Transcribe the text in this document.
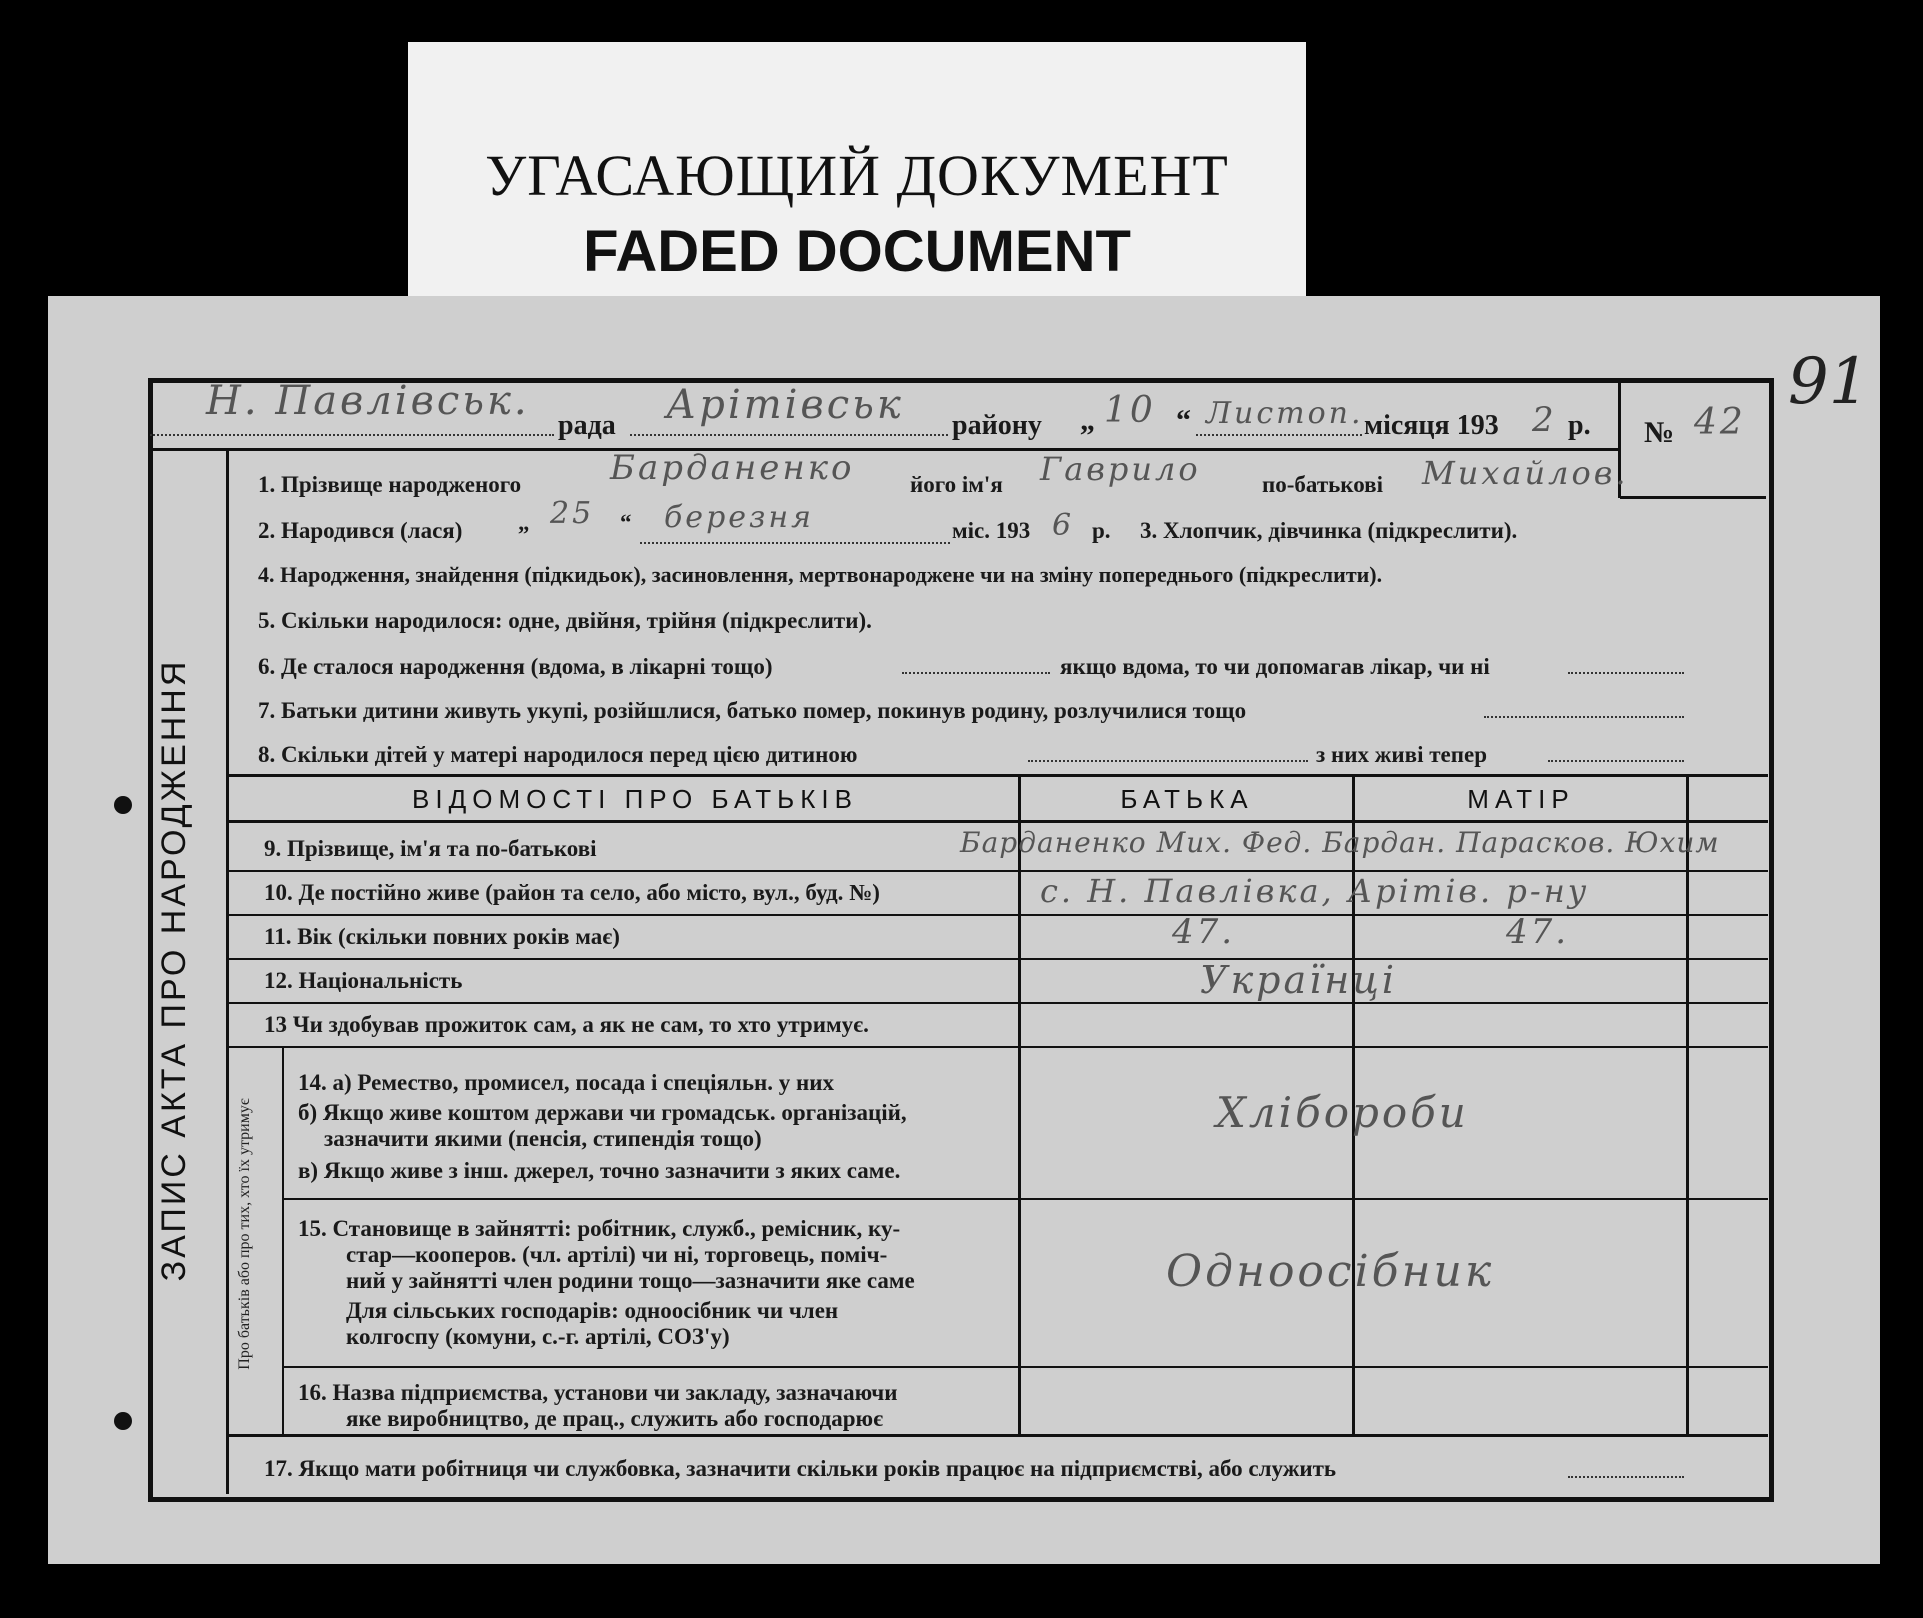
УГАСАЮЩИЙ ДОКУМЕНТ
FADED DOCUMENT
91
Н. Павлівськ.
рада Арітівськ району „ 10 “ Листоп. місяця 193 2 р. № 42
ЗАПИС АКТА ПРО НАРОДЖЕННЯ
1. Прізвище народженого	Барданенко його ім'я Гаврило	по-батькові Михайлов.
2. Народився (лася) „ 25 “ березня	міс. 193 6 р. 3. Хлопчик, дівчинка (підкреслити).
4. Народження, знайдення (підкидьок), засиновлення, мертвонароджене чи на зміну попереднього (підкреслити).
5. Скільки народилося: одне, двійня, трійня (підкреслити).
6. Де сталося народження (вдома, в лікарні тощо)	якщо вдома, то чи допомагав лікар, чи ні
7. Батьки дитини живуть укупі, розійшлися, батько помер, покинув родину, розлучилися тощо
8. Скільки дітей у матері народилося перед цією дитиною	з них живі тепер
ВІДОМОСТІ ПРО БАТЬКІВ	БАТЬКА	МАТІР
9. Прізвище, ім'я та по-батькові	Барданенко Мих. Фед. Бардан. Парасков. Юхим
10. Де постійно живе (район та село, або місто, вул., буд. №)	с. Н. Павлівка, Арітів. р-ну
11. Вік (скільки повних років має)	47.	47.
12. Національність	Українці
13 Чи здобував прожиток сам, а як не сам, то хто утримує.
Про батьків або про тих, хто їх утримує
14. а) Ремество, промисел, посада і спеціяльн. у них
б) Якщо живе коштом держави чи громадськ. організацій,
зазначити якими (пенсія, стипендія тощо)
в) Якщо живе з інш. джерел, точно зазначити з яких саме.
Хлібороби
15. Становище в зайнятті: робітник, служб., ремісник, ку-
стар—кооперов. (чл. артілі) чи ні, торговець, поміч-
ний у зайнятті член родини тощо—зазначити яке саме
Для сільських господарів: одноосібник чи член
колгоспу (комуни, с.-г. артілі, СОЗ'у)
Одноосібник
16. Назва підприємства, установи чи закладу, зазначаючи
яке виробництво, де прац., служить або господарює
17. Якщо мати робітниця чи службовка, зазначити скільки років працює на підприємстві, або служить
